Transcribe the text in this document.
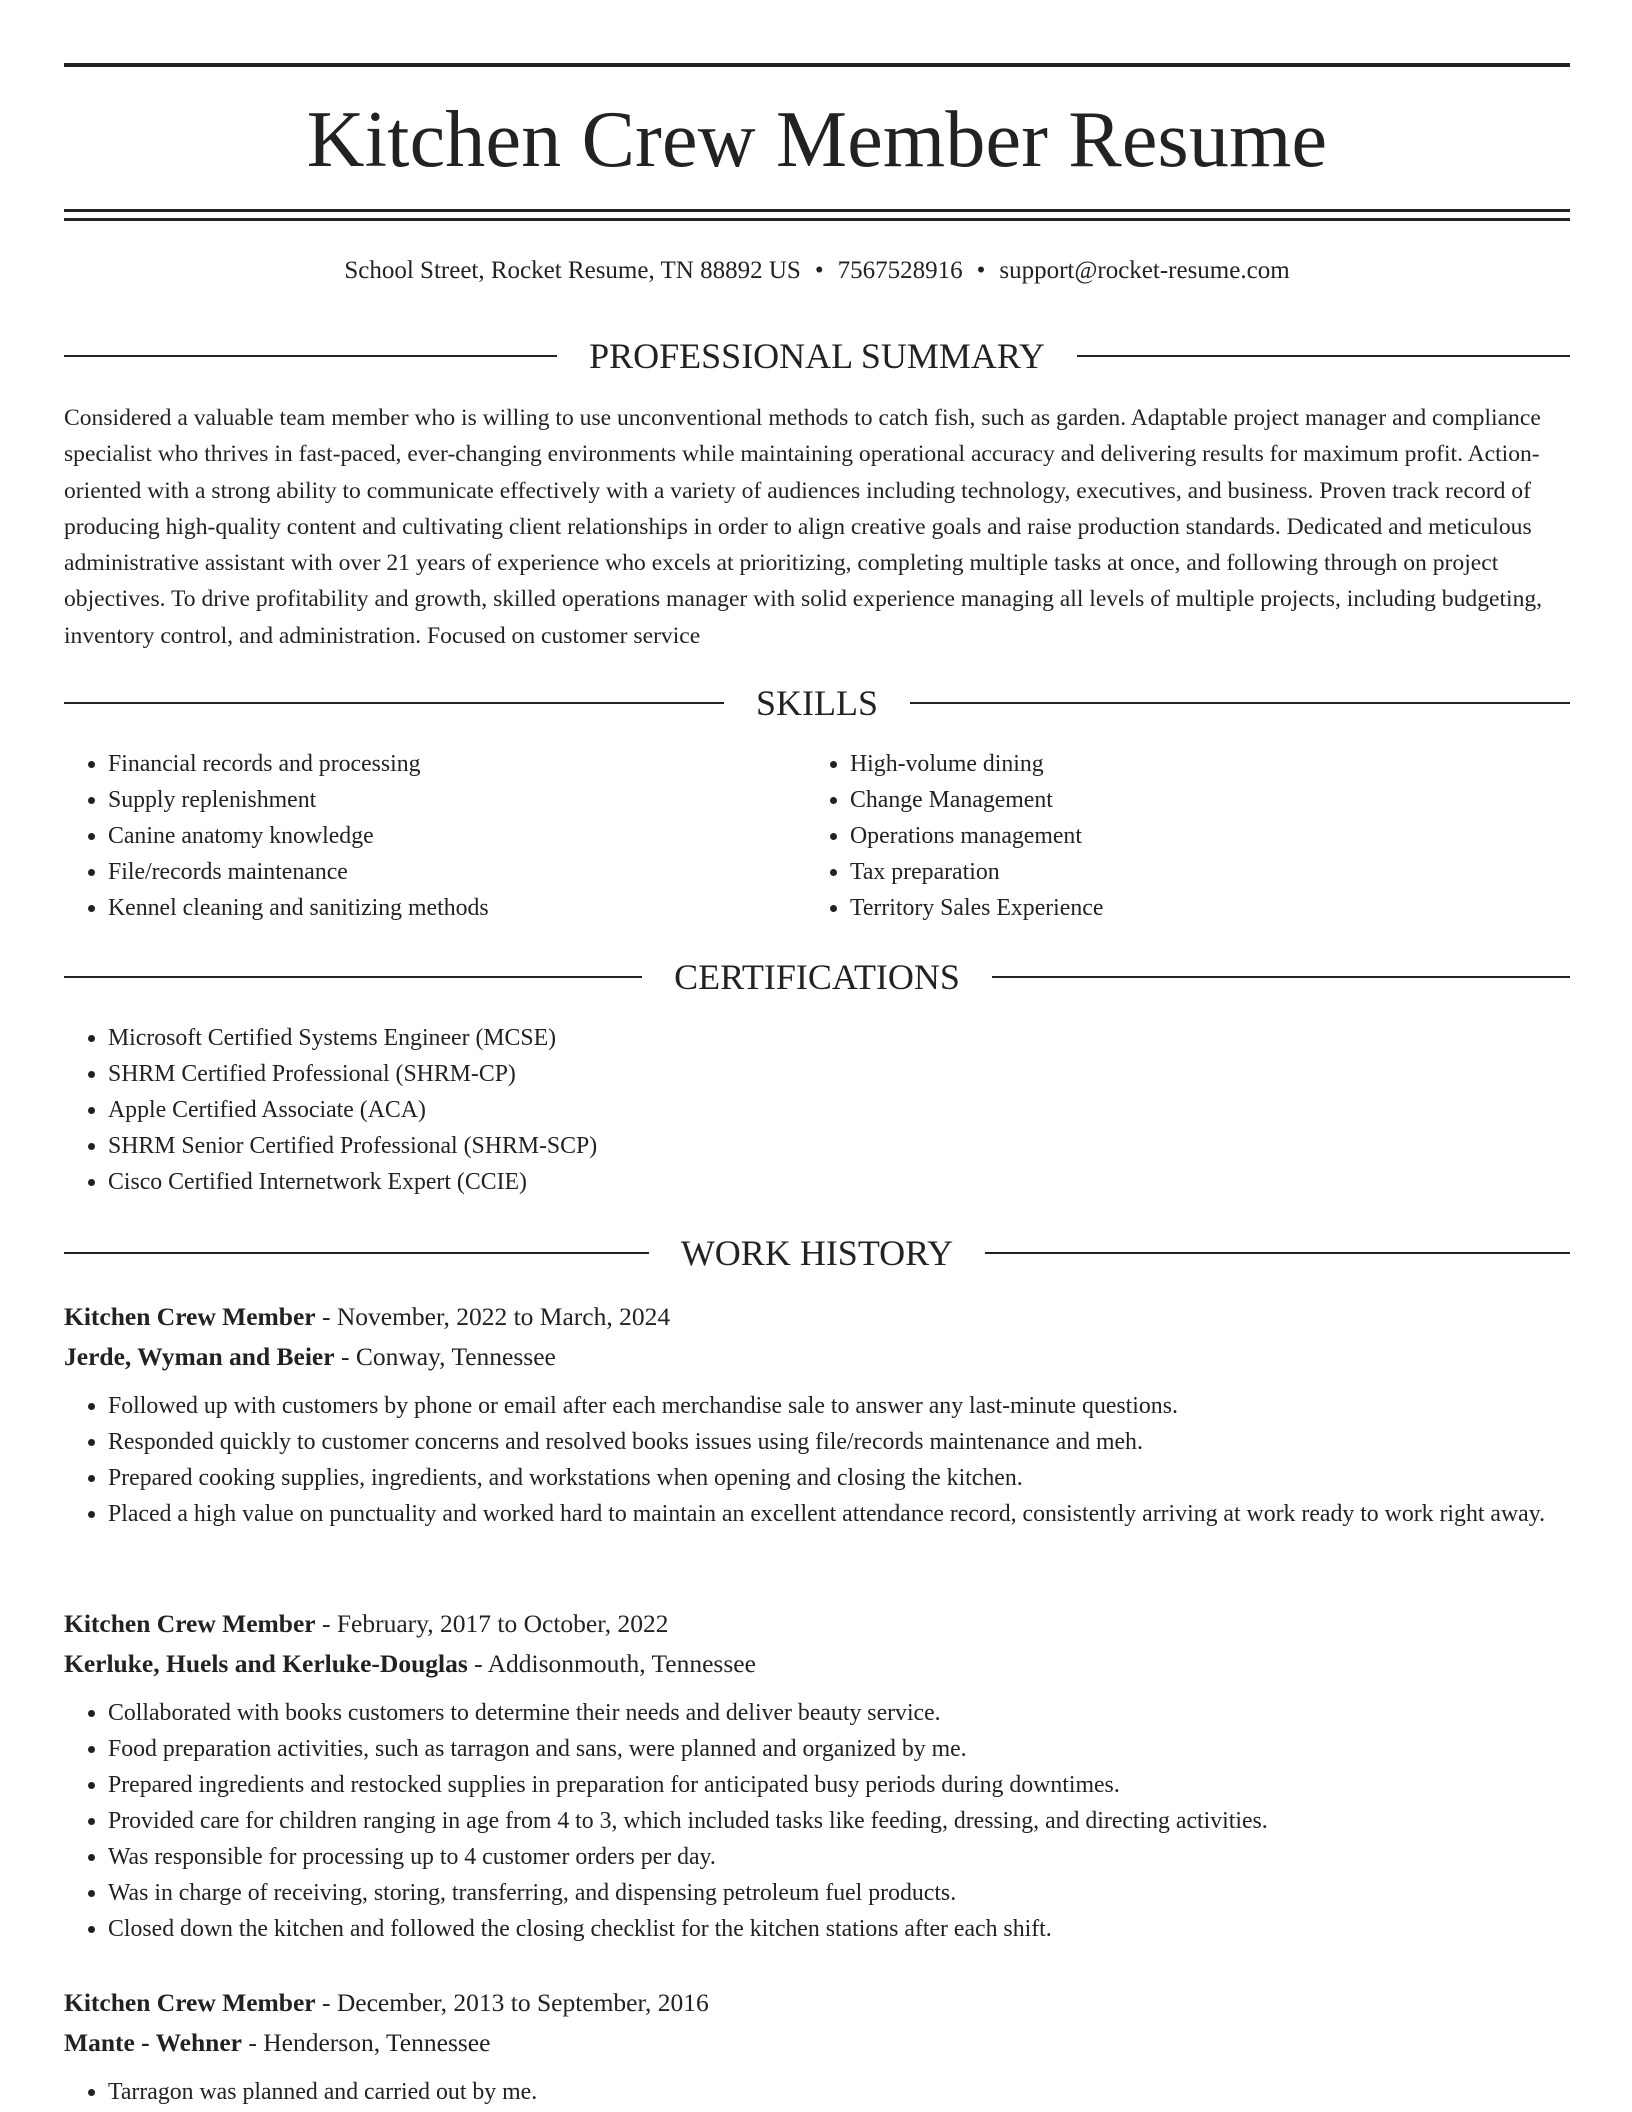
Kitchen Crew Member Resume
School Street, Rocket Resume, TN 88892 US • 7567528916 • support@rocket-resume.com
PROFESSIONAL SUMMARY
Considered a valuable team member who is willing to use unconventional methods to catch fish, such as garden. Adaptable project manager and compliance specialist who thrives in fast-paced, ever-changing environments while maintaining operational accuracy and delivering results for maximum profit. Action-oriented with a strong ability to communicate effectively with a variety of audiences including technology, executives, and business. Proven track record of producing high-quality content and cultivating client relationships in order to align creative goals and raise production standards. Dedicated and meticulous administrative assistant with over 21 years of experience who excels at prioritizing, completing multiple tasks at once, and following through on project objectives. To drive profitability and growth, skilled operations manager with solid experience managing all levels of multiple projects, including budgeting, inventory control, and administration. Focused on customer service
SKILLS
• Financial records and processing
• Supply replenishment
• Canine anatomy knowledge
• File/records maintenance
• Kennel cleaning and sanitizing methods
• High-volume dining
• Change Management
• Operations management
• Tax preparation
• Territory Sales Experience
CERTIFICATIONS
• Microsoft Certified Systems Engineer (MCSE)
• SHRM Certified Professional (SHRM-CP)
• Apple Certified Associate (ACA)
• SHRM Senior Certified Professional (SHRM-SCP)
• Cisco Certified Internetwork Expert (CCIE)
WORK HISTORY
Kitchen Crew Member - November, 2022 to March, 2024
Jerde, Wyman and Beier - Conway, Tennessee
• Followed up with customers by phone or email after each merchandise sale to answer any last-minute questions.
• Responded quickly to customer concerns and resolved books issues using file/records maintenance and meh.
• Prepared cooking supplies, ingredients, and workstations when opening and closing the kitchen.
• Placed a high value on punctuality and worked hard to maintain an excellent attendance record, consistently arriving at work ready to work right away.
Kitchen Crew Member - February, 2017 to October, 2022
Kerluke, Huels and Kerluke-Douglas - Addisonmouth, Tennessee
• Collaborated with books customers to determine their needs and deliver beauty service.
• Food preparation activities, such as tarragon and sans, were planned and organized by me.
• Prepared ingredients and restocked supplies in preparation for anticipated busy periods during downtimes.
• Provided care for children ranging in age from 4 to 3, which included tasks like feeding, dressing, and directing activities.
• Was responsible for processing up to 4 customer orders per day.
• Was in charge of receiving, storing, transferring, and dispensing petroleum fuel products.
• Closed down the kitchen and followed the closing checklist for the kitchen stations after each shift.
Kitchen Crew Member - December, 2013 to September, 2016
Mante - Wehner - Henderson, Tennessee
• Tarragon was planned and carried out by me.
